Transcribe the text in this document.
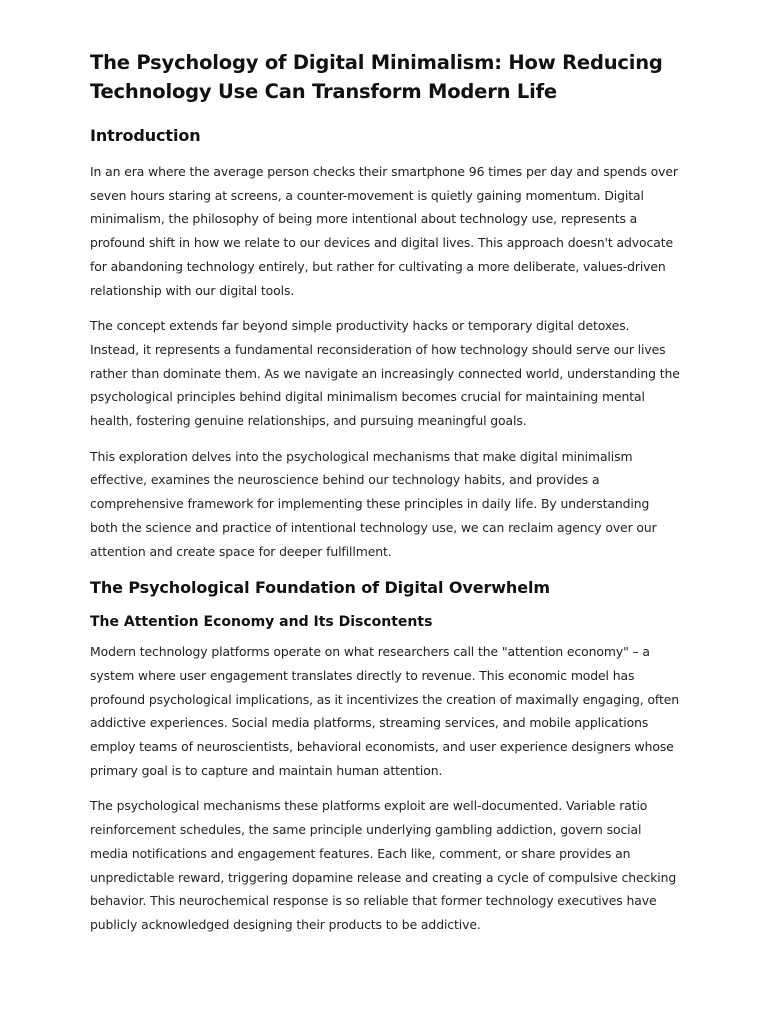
The Psychology of Digital Minimalism: How Reducing Technology Use Can Transform Modern Life
Introduction

In an era where the average person checks their smartphone 96 times per day and spends over seven hours staring at screens, a counter-movement is quietly gaining momentum. Digital minimalism, the philosophy of being more intentional about technology use, represents a profound shift in how we relate to our devices and digital lives. This approach doesn't advocate for abandoning technology entirely, but rather for cultivating a more deliberate, values-driven relationship with our digital tools.

The concept extends far beyond simple productivity hacks or temporary digital detoxes. Instead, it represents a fundamental reconsideration of how technology should serve our lives rather than dominate them. As we navigate an increasingly connected world, understanding the psychological principles behind digital minimalism becomes crucial for maintaining mental health, fostering genuine relationships, and pursuing meaningful goals.

This exploration delves into the psychological mechanisms that make digital minimalism effective, examines the neuroscience behind our technology habits, and provides a comprehensive framework for implementing these principles in daily life. By understanding both the science and practice of intentional technology use, we can reclaim agency over our attention and create space for deeper fulfillment.

The Psychological Foundation of Digital Overwhelm
The Attention Economy and Its Discontents

Modern technology platforms operate on what researchers call the "attention economy" – a system where user engagement translates directly to revenue. This economic model has profound psychological implications, as it incentivizes the creation of maximally engaging, often addictive experiences. Social media platforms, streaming services, and mobile applications employ teams of neuroscientists, behavioral economists, and user experience designers whose primary goal is to capture and maintain human attention.

The psychological mechanisms these platforms exploit are well-documented. Variable ratio reinforcement schedules, the same principle underlying gambling addiction, govern social media notifications and engagement features. Each like, comment, or share provides an unpredictable reward, triggering dopamine release and creating a cycle of compulsive checking behavior. This neurochemical response is so reliable that former technology executives have publicly acknowledged designing their products to be addictive.
